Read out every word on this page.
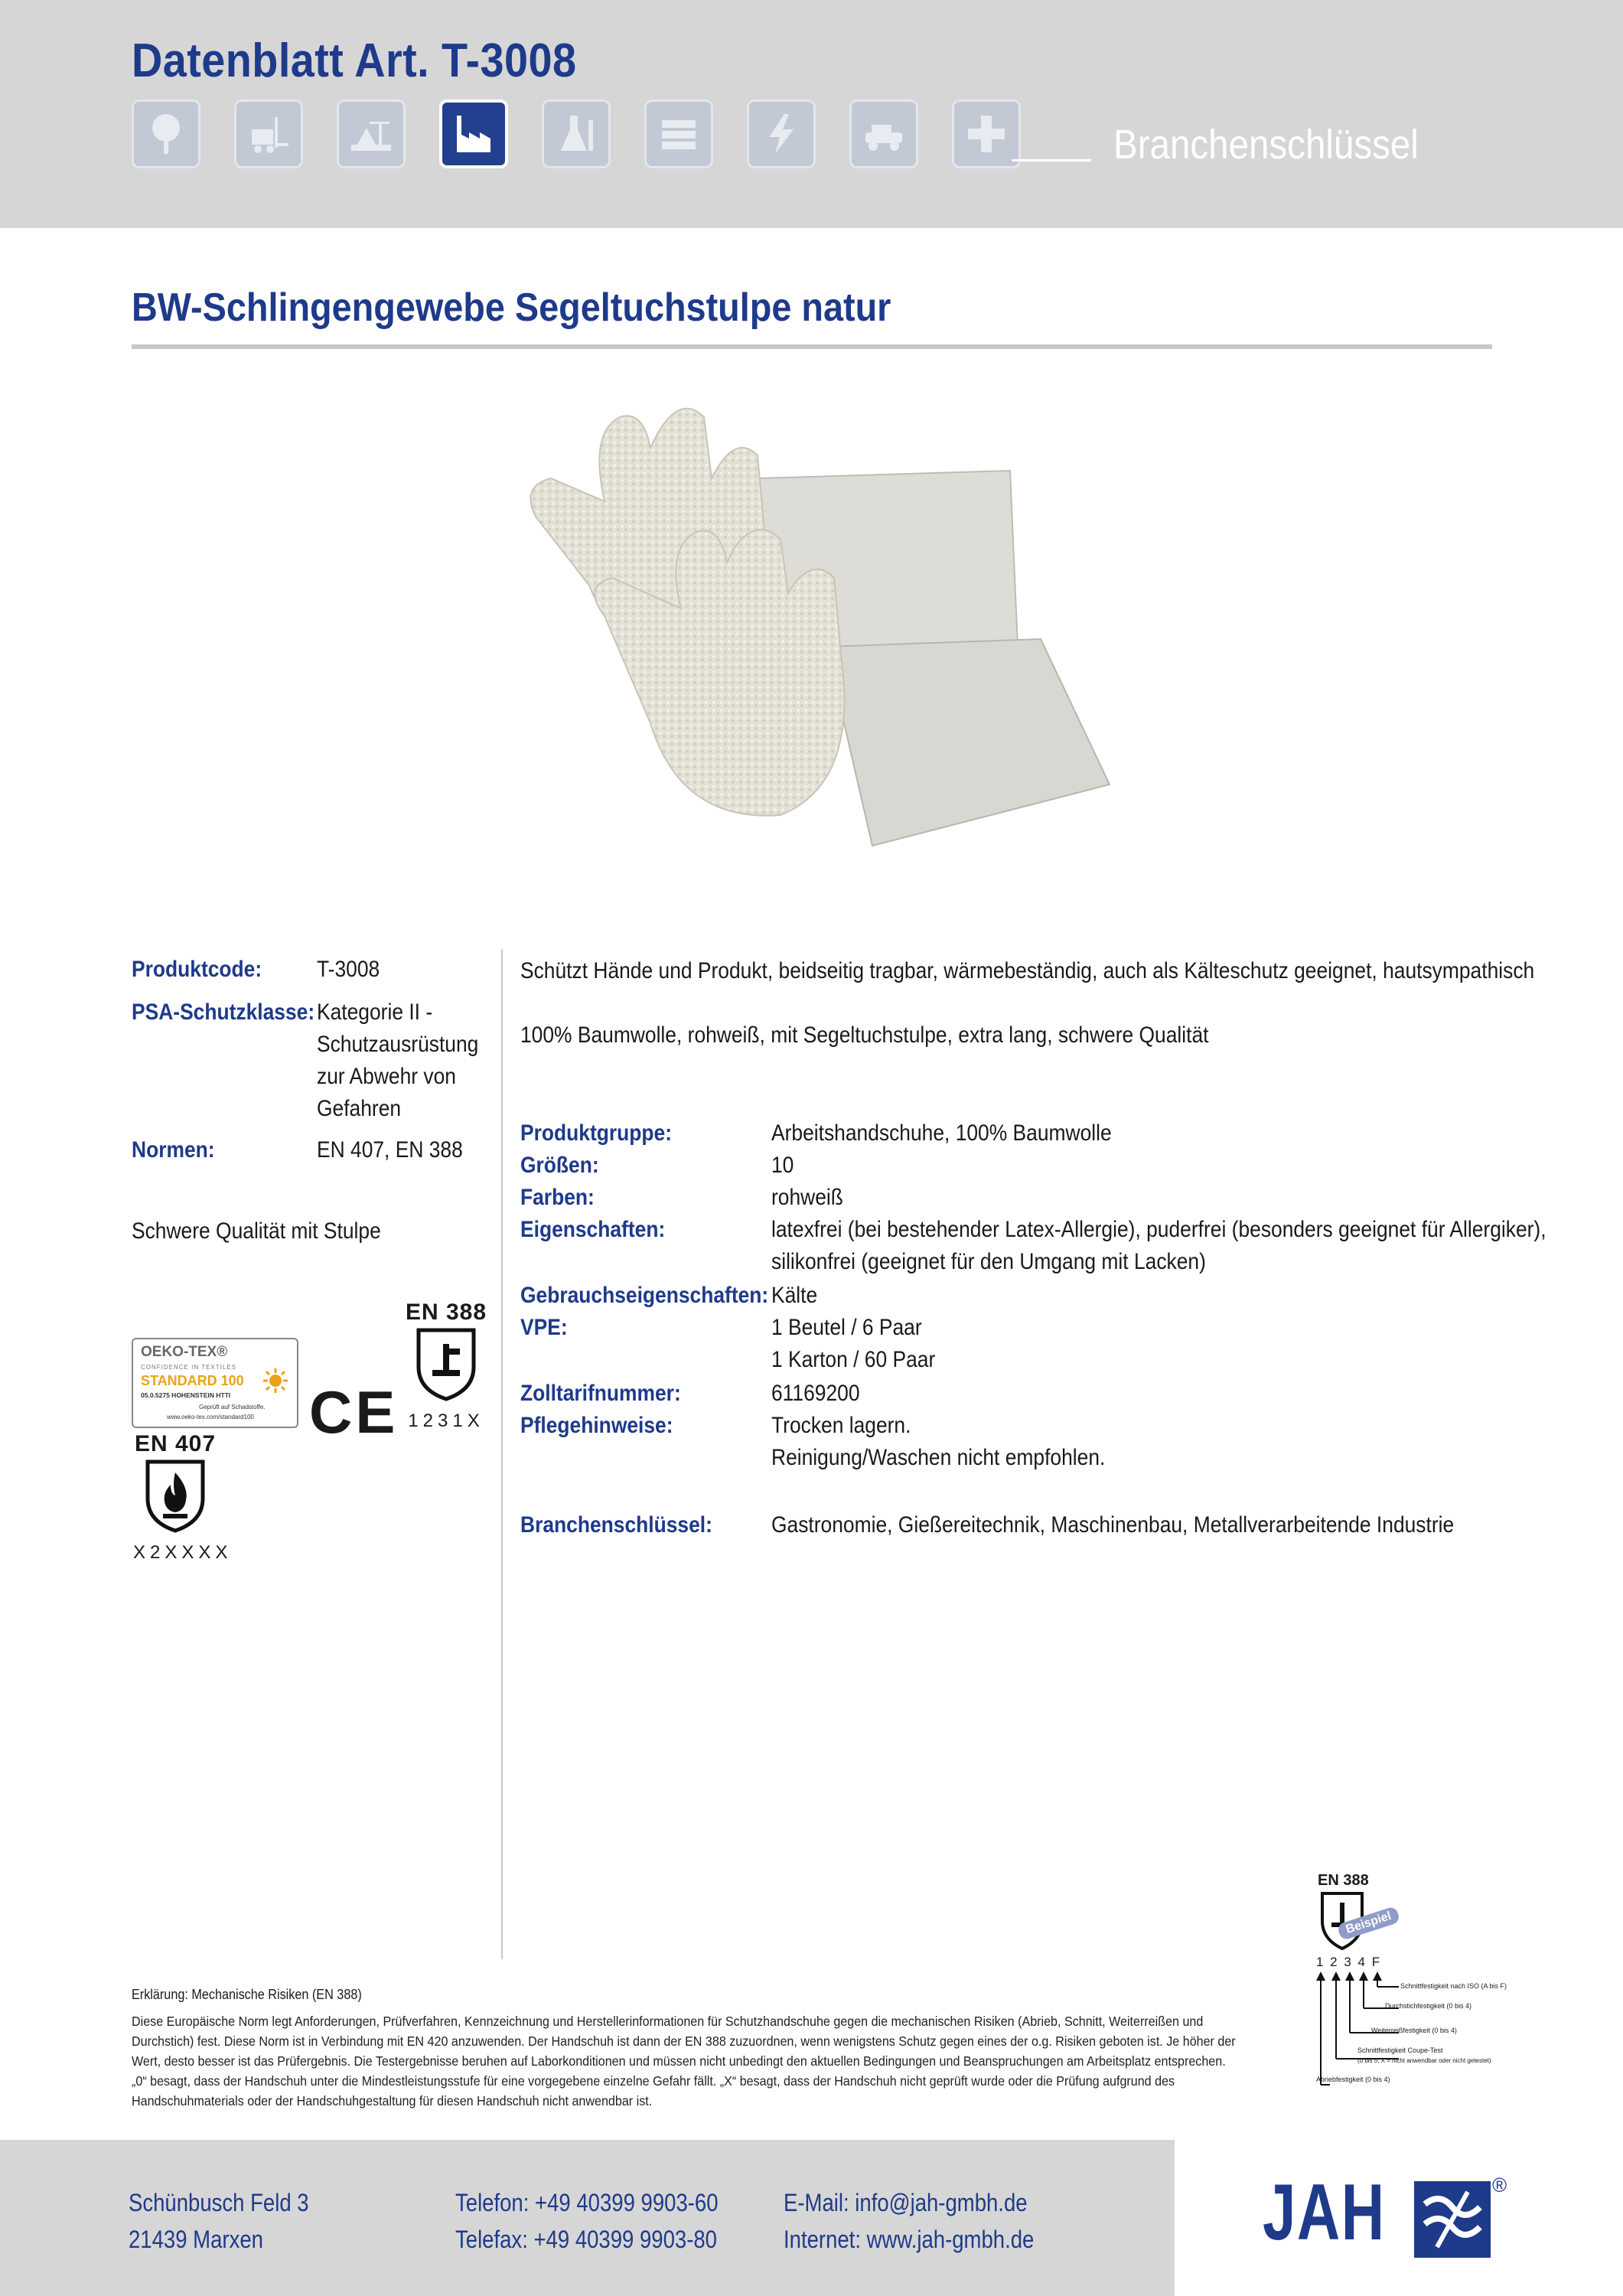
Datenblatt Art. T-3008
Branchenschlüssel
BW-Schlingengewebe Segeltuchstulpe natur
Produktcode: T-3008
PSA-Schutzklasse: Kategorie II -
Schutzausrüstung
zur Abwehr von
Gefahren
Normen:	EN 407, EN 388
Schwere Qualität mit Stulpe
OEKO-TEX®
CONFIDENCE IN TEXTILES
STANDARD 100
05.0.5275 HOHENSTEIN HTTI
Geprüft auf Schadstoffe.
www.oeko-tex.com/standard100 CE
EN 388
1231X
EN 407
X2XXXX
Schützt Hände und Produkt, beidseitig tragbar, wärmebeständig, auch als Kälteschutz geeignet, hautsympathisch
100% Baumwolle, rohweiß, mit Segeltuchstulpe, extra lang, schwere Qualität
Produktgruppe:	Arbeitshandschuhe, 100% Baumwolle
Größen:	10
Farben:	rohweiß
Eigenschaften:	latexfrei (bei bestehender Latex-Allergie), puderfrei (besonders geeignet für Allergiker),
silikonfrei (geeignet für den Umgang mit Lacken)
Gebrauchseigenschaften: Kälte
VPE:	1 Beutel / 6 Paar
1 Karton / 60 Paar
Zolltarifnummer:	61169200
Pflegehinweise:	Trocken lagern.
Reinigung/Waschen nicht empfohlen.
Branchenschlüssel:	Gastronomie, Gießereitechnik, Maschinenbau, Metallverarbeitende Industrie
EN 388
Beispiel
1 2 3 4 F
Schnittfestigkeit nach ISO (A bis F)
Durchstichfestigkeit (0 bis 4)
Weiterreißfestigkeit (0 bis 4)
Schnittfestigkeit Coupe-Test
(0 bis 5; X = nicht anwendbar oder nicht getestet)
Abriebfestigkeit (0 bis 4)
Erklärung: Mechanische Risiken (EN 388)
Diese Europäische Norm legt Anforderungen, Prüfverfahren, Kennzeichnung und Herstellerinformationen für Schutzhandschuhe gegen die mechanischen Risiken (Abrieb, Schnitt, Weiterreißen und Durchstich) fest. Diese Norm ist in Verbindung mit EN 420 anzuwenden. Der Handschuh ist dann der EN 388 zuzuordnen, wenn wenigstens Schutz gegen eines der o.g. Risiken geboten ist. Je höher der Wert, desto besser ist das Prüfergebnis. Die Testergebnisse beruhen auf Laborkonditionen und müssen nicht unbedingt den aktuellen Bedingungen und Beanspruchungen am Arbeitsplatz entsprechen. „0“ besagt, dass der Handschuh unter die Mindestleistungsstufe für eine vorgegebene einzelne Gefahr fällt. „X“ besagt, dass der Handschuh nicht geprüft wurde oder die Prüfung aufgrund des Handschuhmaterials oder der Handschuhgestaltung für diesen Handschuh nicht anwendbar ist.
Schünbusch Feld 3
21439 Marxen
Telefon: +49 40399 9903-60
Telefax: +49 40399 9903-80
E-Mail: info@jah-gmbh.de
Internet: www.jah-gmbh.de	JAH	®
